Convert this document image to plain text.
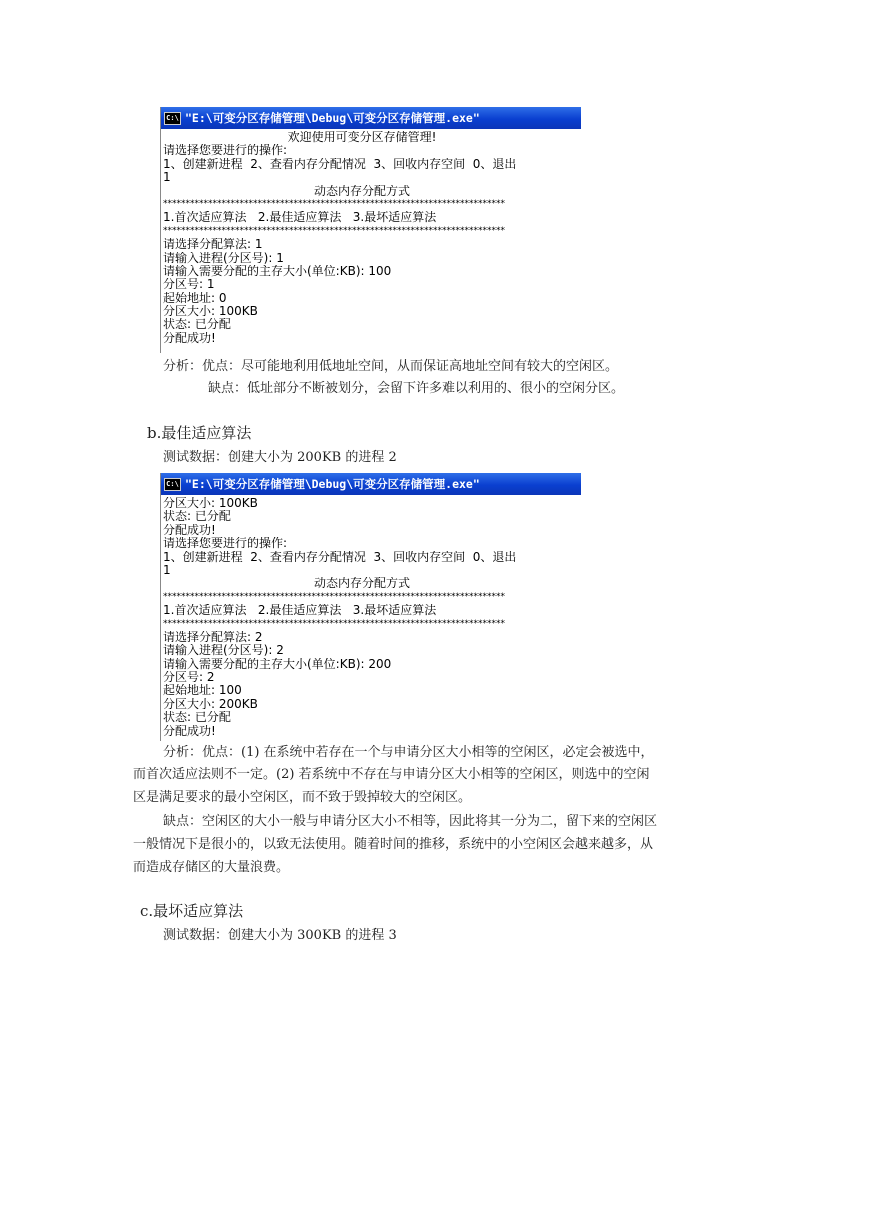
C:\ "E:\可变分区存储管理\Debug\可变分区存储管理.exe"
欢迎使用可变分区存储管理!
请选择您要进行的操作:
1、创建新进程  2、查看内存分配情况  3、回收内存空间  0、退出
1
动态内存分配方式
****************************************************************************
1.首次适应算法   2.最佳适应算法   3.最坏适应算法
****************************************************************************
请选择分配算法: 1
请输入进程(分区号): 1
请输入需要分配的主存大小(单位:KB): 100
分区号: 1
起始地址: 0
分区大小: 100KB
状态: 已分配
分配成功!
分析：优点：尽可能地利用低地址空间，从而保证高地址空间有较大的空闲区。
缺点：低址部分不断被划分，会留下许多难以利用的、很小的空闲分区。
b.最佳适应算法
测试数据：创建大小为 200KB 的进程 2
C:\ "E:\可变分区存储管理\Debug\可变分区存储管理.exe"
分区大小: 100KB
状态: 已分配
分配成功!
请选择您要进行的操作:
1、创建新进程  2、查看内存分配情况  3、回收内存空间  0、退出
1
动态内存分配方式
****************************************************************************
1.首次适应算法   2.最佳适应算法   3.最坏适应算法
****************************************************************************
请选择分配算法: 2
请输入进程(分区号): 2
请输入需要分配的主存大小(单位:KB): 200
分区号: 2
起始地址: 100
分区大小: 200KB
状态: 已分配
分配成功!
分析：优点：(1) 在系统中若存在一个与申请分区大小相等的空闲区，必定会被选中，
而首次适应法则不一定。(2) 若系统中不存在与申请分区大小相等的空闲区，则选中的空闲
区是满足要求的最小空闲区，而不致于毁掉较大的空闲区。
缺点：空闲区的大小一般与申请分区大小不相等，因此将其一分为二，留下来的空闲区
一般情况下是很小的，以致无法使用。随着时间的推移，系统中的小空闲区会越来越多，从
而造成存储区的大量浪费。
c.最坏适应算法
测试数据：创建大小为 300KB 的进程 3
